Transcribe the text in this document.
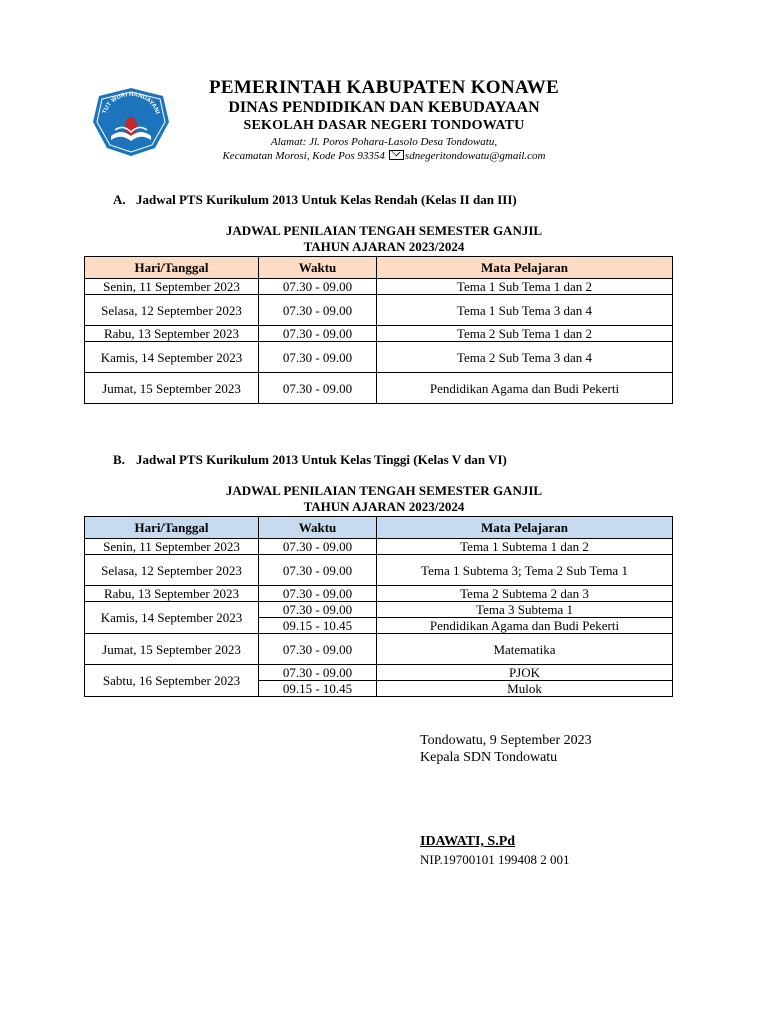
TUT WURI HANDAYANI
PEMERINTAH KABUPATEN KONAWE
DINAS PENDIDIKAN DAN KEBUDAYAAN
SEKOLAH DASAR NEGERI TONDOWATU
Alamat: Jl. Poros Pohara-Lasolo Desa Tondowatu,
Kecamatan Morosi, Kode Pos 93354 sdnegeritondowatu@gmail.com
A. Jadwal PTS Kurikulum 2013 Untuk Kelas Rendah (Kelas II dan III)
JADWAL PENILAIAN TENGAH SEMESTER GANJIL
TAHUN AJARAN 2023/2024
Hari/Tanggal	Waktu	Mata Pelajaran
Senin, 11 September 2023	07.30 - 09.00	Tema 1 Sub Tema 1 dan 2
Selasa, 12 September 2023	07.30 - 09.00	Tema 1 Sub Tema 3 dan 4
Rabu, 13 September 2023	07.30 - 09.00	Tema 2 Sub Tema 1 dan 2
Kamis, 14 September 2023	07.30 - 09.00	Tema 2 Sub Tema 3 dan 4
Jumat, 15 September 2023	07.30 - 09.00	Pendidikan Agama dan Budi Pekerti
B. Jadwal PTS Kurikulum 2013 Untuk Kelas Tinggi (Kelas V dan VI)
JADWAL PENILAIAN TENGAH SEMESTER GANJIL
TAHUN AJARAN 2023/2024
Hari/Tanggal	Waktu	Mata Pelajaran
Senin, 11 September 2023	07.30 - 09.00	Tema 1 Subtema 1 dan 2
Selasa, 12 September 2023	07.30 - 09.00	Tema 1 Subtema 3; Tema 2 Sub Tema 1
Rabu, 13 September 2023	07.30 - 09.00	Tema 2 Subtema 2 dan 3
Kamis, 14 September 2023	07.30 - 09.00	Tema 3 Subtema 1
	09.15 - 10.45	Pendidikan Agama dan Budi Pekerti
Jumat, 15 September 2023	07.30 - 09.00	Matematika
Sabtu, 16 September 2023	07.30 - 09.00	PJOK
	09.15 - 10.45	Mulok
Tondowatu, 9 September 2023
Kepala SDN Tondowatu
IDAWATI, S.Pd
NIP.19700101 199408 2 001
